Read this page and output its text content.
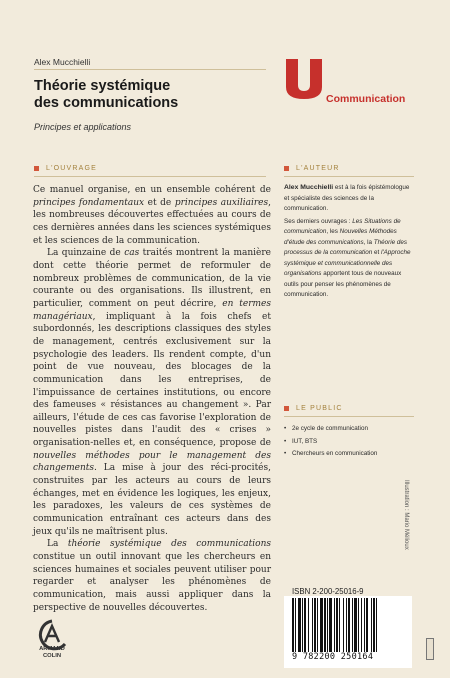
Alex Mucchielli
Théorie systémique
des communications
Principes et applications
Communication
L'OUVRAGE

Ce manuel organise, en un ensemble cohérent de principes fondamentaux et de principes auxiliaires, les nombreuses découvertes effectuées au cours de ces dernières années dans les sciences systémiques et les sciences de la communication.

La quinzaine de cas traités montrent la manière dont cette théorie permet de reformuler de nombreux problèmes de communication, de la vie courante ou des organisations. Ils illustrent, en particulier, comment on peut décrire, en termes managériaux, impliquant à la fois chefs et subordonnés, les descriptions classiques des styles de management, centrés exclusivement sur la psychologie des leaders. Ils rendent compte, d'un point de vue nouveau, des blocages de la communication dans les entreprises, de l'impuissance de certaines institutions, ou encore des fameuses « résistances au changement ». Par ailleurs, l'étude de ces cas favorise l'exploration de nouvelles pistes dans l'audit des « crises » organisation-nelles et, en conséquence, propose de nouvelles méthodes pour le management des changements. La mise à jour des réci-procités, construites par les acteurs au cours de leurs échanges, met en évidence les logiques, les enjeux, les paradoxes, les valeurs de ces systèmes de communication entraînant ces acteurs dans des jeux qu'ils ne maîtrisent plus.

La théorie systémique des communications constitue un outil innovant que les chercheurs en sciences humaines et sociales peuvent utiliser pour regarder et analyser les phénomènes de communication, mais aussi appliquer dans la perspective de nouvelles découvertes.

L'AUTEUR

Alex Mucchielli est à la fois épistémologue et spécialiste des sciences de la communication.

Ses derniers ouvrages : Les Situations de communication, les Nouvelles Méthodes d'étude des communications, la Théorie des processus de la communication et l'Approche systémique et communicationnelle des organisations apportent tous de nouveaux outils pour penser les phénomènes de communication.

LE PUBLIC
• 2e cycle de communication
• IUT, BTS
• Chercheurs en communication
Illustration : Mario Mélioux
ARMAND
COLIN
ISBN 2-200-25016-9
9 782200 250164
